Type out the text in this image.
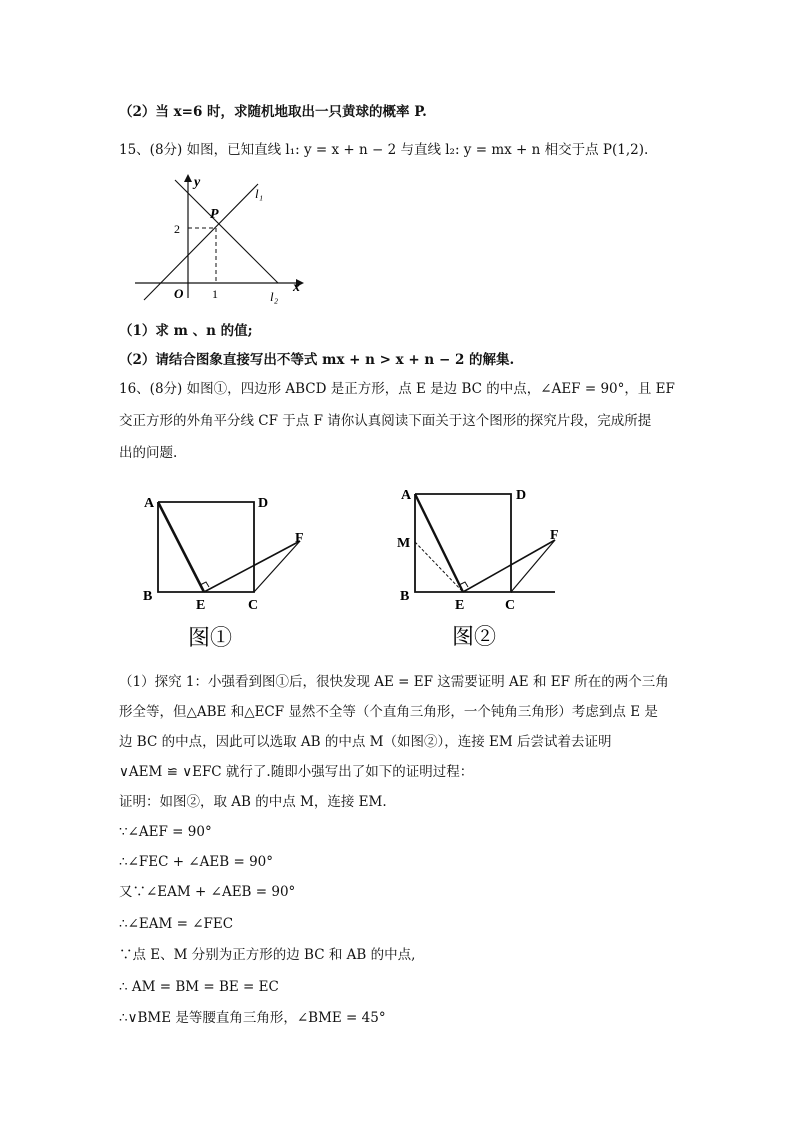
（2）当 x=6 时，求随机地取出一只黄球的概率 P.
15、(8分) 如图，已知直线 l₁: y = x + n − 2 与直线 l₂: y = mx + n 相交于点 P(1,2).
y
x
O
P
l₁
l₂
2
1
（1）求 m 、n 的值;
（2）请结合图象直接写出不等式 mx + n > x + n − 2 的解集.
16、(8分) 如图①，四边形 ABCD 是正方形，点 E 是边 BC 的中点，∠AEF = 90°，且 EF
交正方形的外角平分线 CF 于点 F 请你认真阅读下面关于这个图形的探究片段，完成所提
出的问题.
A	D
B
E	C
F
图①
A	D
M
B
E	C
F
图②
（1）探究 1：小强看到图①后，很快发现 AE = EF 这需要证明 AE 和 EF 所在的两个三角
形全等，但△ABE 和△ECF 显然不全等（个直角三角形，一个钝角三角形）考虑到点 E 是
边 BC 的中点，因此可以选取 AB 的中点 M（如图②），连接 EM 后尝试着去证明
∨AEM ≌ ∨EFC 就行了.随即小强写出了如下的证明过程：
证明：如图②，取 AB 的中点 M，连接 EM.
∵∠AEF = 90°
∴∠FEC + ∠AEB = 90°
又∵∠EAM + ∠AEB = 90°
∴∠EAM = ∠FEC
∵点 E、M 分别为正方形的边 BC 和 AB 的中点,
∴ AM = BM = BE = EC
∴∨BME 是等腰直角三角形，∠BME = 45°
